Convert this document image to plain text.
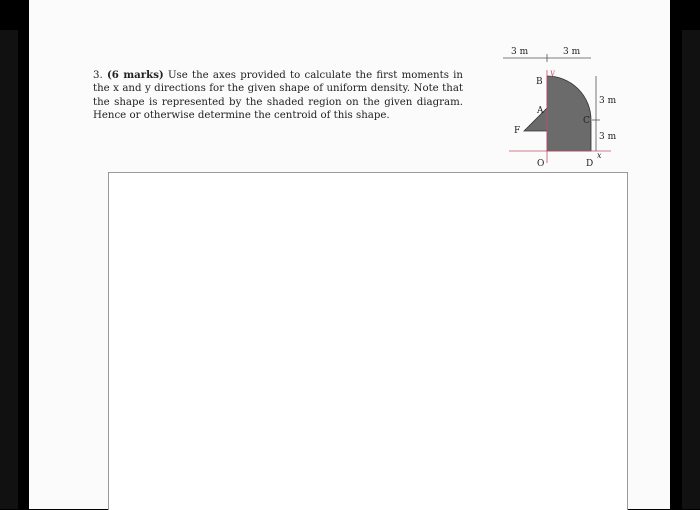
3. (6 marks) Use the axes provided to calculate the first moments in the x and y directions for the given shape of uniform density. Note that the shape is represented by the shaded region on the given diagram. Hence or otherwise determine the centroid of this shape.
3 m	3 m
y
x
3 m
3 m
B
A
C
F
O	D
